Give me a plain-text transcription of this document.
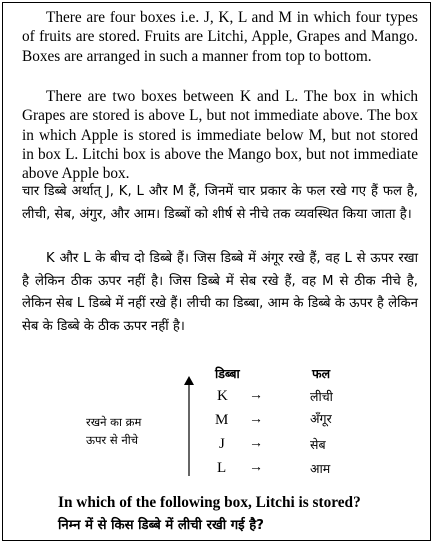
There are four boxes i.e. J, K, L and M in which four types of fruits are stored. Fruits are Litchi, Apple, Grapes and Mango. Boxes are arranged in such a manner from top to bottom.

There are two boxes between K and L. The box in which Grapes are stored is above L, but not immediate above. The box in which Apple is stored is immediate below M, but not stored in box L. Litchi box is above the Mango box, but not immediate above Apple box.

चार डिब्बे अर्थात् J, K, L और M हैं, जिनमें चार प्रकार के फल रखे गए हैं फल है, लीची, सेब, अंगुर, और आम। डिब्बों को शीर्ष से नीचे तक व्यवस्थित किया जाता है।

K और L के बीच दो डिब्बे हैं। जिस डिब्बे में अंगूर रखे हैं, वह L से ऊपर रखा है लेकिन ठीक ऊपर नहीं है। जिस डिब्बे में सेब रखे हैं, वह M से ठीक नीचे है, लेकिन सेब L डिब्बे में नहीं रखे हैं। लीची का डिब्बा, आम के डिब्बे के ऊपर है लेकिन सेब के डिब्बे के ठीक ऊपर नहीं है।

डिब्बा	फल
रखने का क्रम
ऊपर से नीचे
K →	लीची
M →	अँगूर
J →	सेब
L →	आम

In which of the following box, Litchi is stored?

निम्न में से किस डिब्बे में लीची रखी गई है?
